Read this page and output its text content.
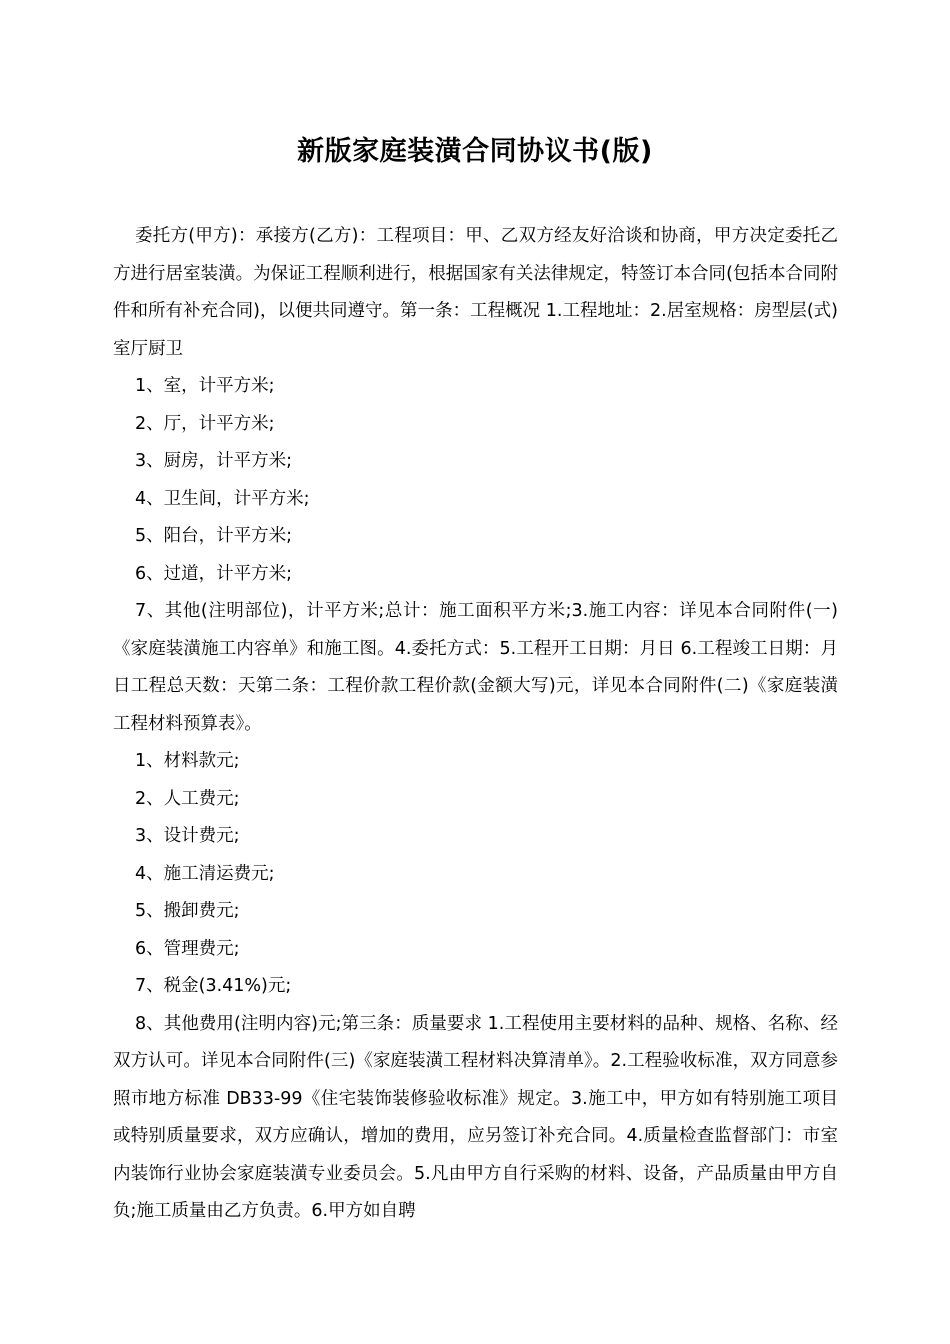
新版家庭装潢合同协议书(版)

委托方(甲方)：承接方(乙方)：工程项目：甲、乙双方经友好洽谈和协商，甲方决定委托乙方进行居室装潢。为保证工程顺利进行，根据国家有关法律规定，特签订本合同(包括本合同附件和所有补充合同)，以便共同遵守。第一条：工程概况 1.工程地址：2.居室规格：房型层(式)室厅厨卫

1、室，计平方米;

2、厅，计平方米;

3、厨房，计平方米;

4、卫生间，计平方米;

5、阳台，计平方米;

6、过道，计平方米;

7、其他(注明部位)，计平方米;总计：施工面积平方米;3.施工内容：详见本合同附件(一)《家庭装潢施工内容单》和施工图。4.委托方式：5.工程开工日期：月日 6.工程竣工日期：月日工程总天数：天第二条：工程价款工程价款(金额大写)元，详见本合同附件(二)《家庭装潢工程材料预算表》。

1、材料款元;

2、人工费元;

3、设计费元;

4、施工清运费元;

5、搬卸费元;

6、管理费元;

7、税金(3.41%)元;

8、其他费用(注明内容)元;第三条：质量要求 1.工程使用主要材料的品种、规格、名称、经双方认可。详见本合同附件(三)《家庭装潢工程材料决算清单》。2.工程验收标准，双方同意参照市地方标准 DB33-99《住宅装饰装修验收标准》规定。3.施工中，甲方如有特别施工项目或特别质量要求，双方应确认，增加的费用，应另签订补充合同。4.质量检查监督部门：市室内装饰行业协会家庭装潢专业委员会。5.凡由甲方自行采购的材料、设备，产品质量由甲方自负;施工质量由乙方负责。6.甲方如自聘
